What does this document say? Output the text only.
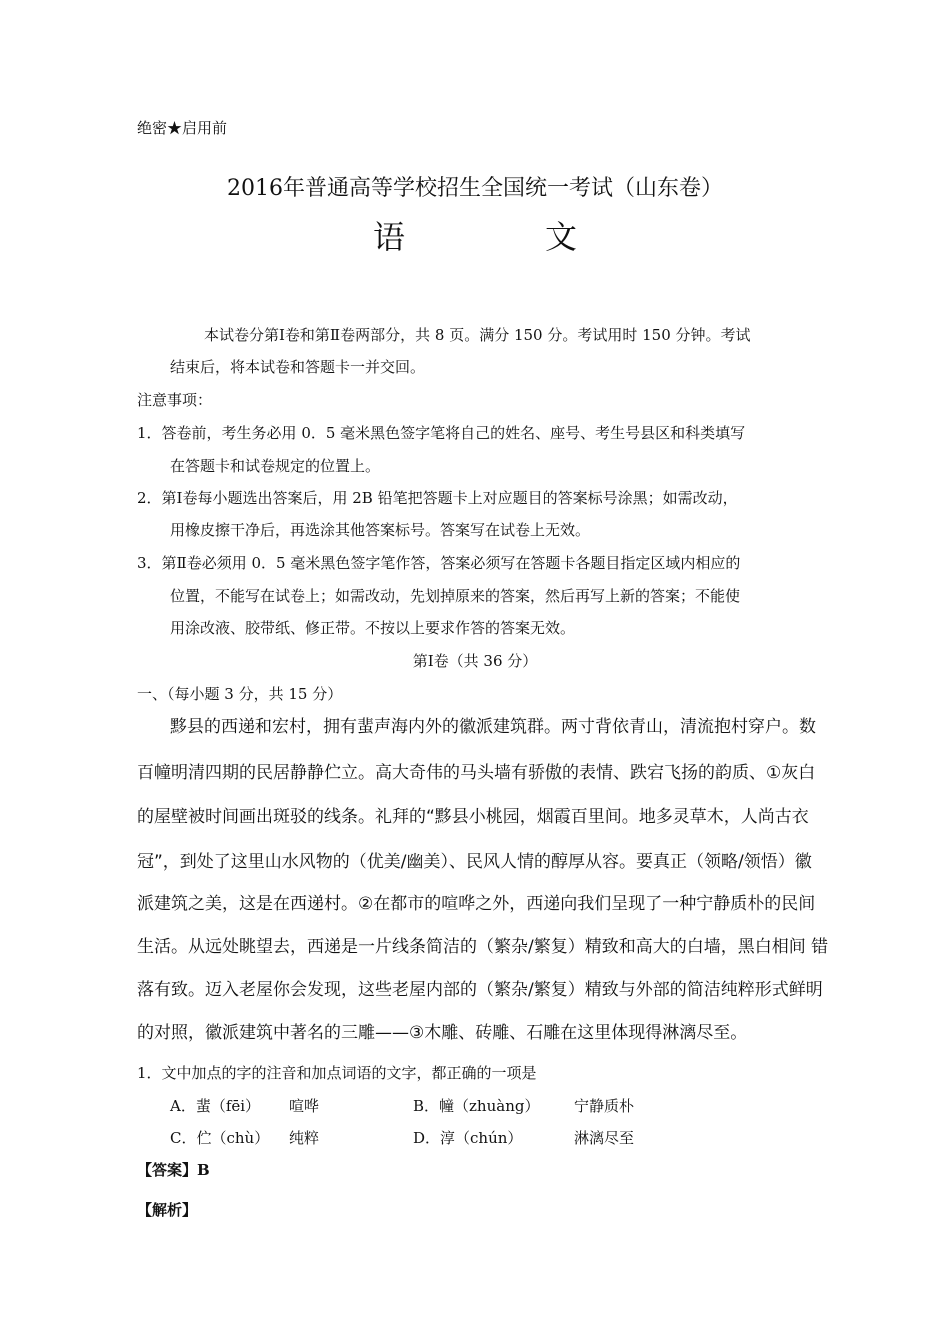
绝密★启用前
2016年普通高等学校招生全国统一考试（山东卷）
语文
本试卷分第Ⅰ卷和第Ⅱ卷两部分，共 8 页。满分 150 分。考试用时 150 分钟。考试
结束后，将本试卷和答题卡一并交回。
注意事项：
1．答卷前，考生务必用 0．5 毫米黑色签字笔将自己的姓名、座号、考生号县区和科类填写
在答题卡和试卷规定的位置上。
2．第Ⅰ卷每小题选出答案后，用 2B 铅笔把答题卡上对应题目的答案标号涂黑；如需改动，
用橡皮擦干净后，再选涂其他答案标号。答案写在试卷上无效。
3．第Ⅱ卷必须用 0．5 毫米黑色签字笔作答，答案必须写在答题卡各题目指定区域内相应的
位置，不能写在试卷上；如需改动，先划掉原来的答案，然后再写上新的答案；不能使
用涂改液、胶带纸、修正带。不按以上要求作答的答案无效。
第Ⅰ卷（共 36 分）
一、（每小题 3 分，共 15 分）
黟县的西递和宏村，拥有蜚声海内外的徽派建筑群。两寸背依青山，清流抱村穿户。数
百幢明清四期的民居静静伫立。高大奇伟的马头墙有骄傲的表情、跌宕飞扬的韵质、①灰白
的屋壁被时间画出斑驳的线条。礼拜的“黟县小桃园，烟霞百里间。地多灵草木，人尚古衣
冠”，到处了这里山水风物的（优美/幽美）、民风人情的醇厚从容。要真正（领略/领悟）徽
派建筑之美，这是在西递村。②在都市的喧哗之外，西递向我们呈现了一种宁静质朴的民间
生活。从远处眺望去，西递是一片线条简洁的（繁杂/繁复）精致和高大的白墙，黑白相间 错
落有致。迈入老屋你会发现，这些老屋内部的（繁杂/繁复）精致与外部的简洁纯粹形式鲜明
的对照，徽派建筑中著名的三雕——③木雕、砖雕、石雕在这里体现得淋漓尽至。
1．文中加点的字的注音和加点词语的文字，都正确的一项是
A．蜚（fēi） 喧哗	B．幢（zhuàng） 宁静质朴
C．伫（chù） 纯粹	D．淳（chún）	淋漓尽至
【答案】B
【解析】
